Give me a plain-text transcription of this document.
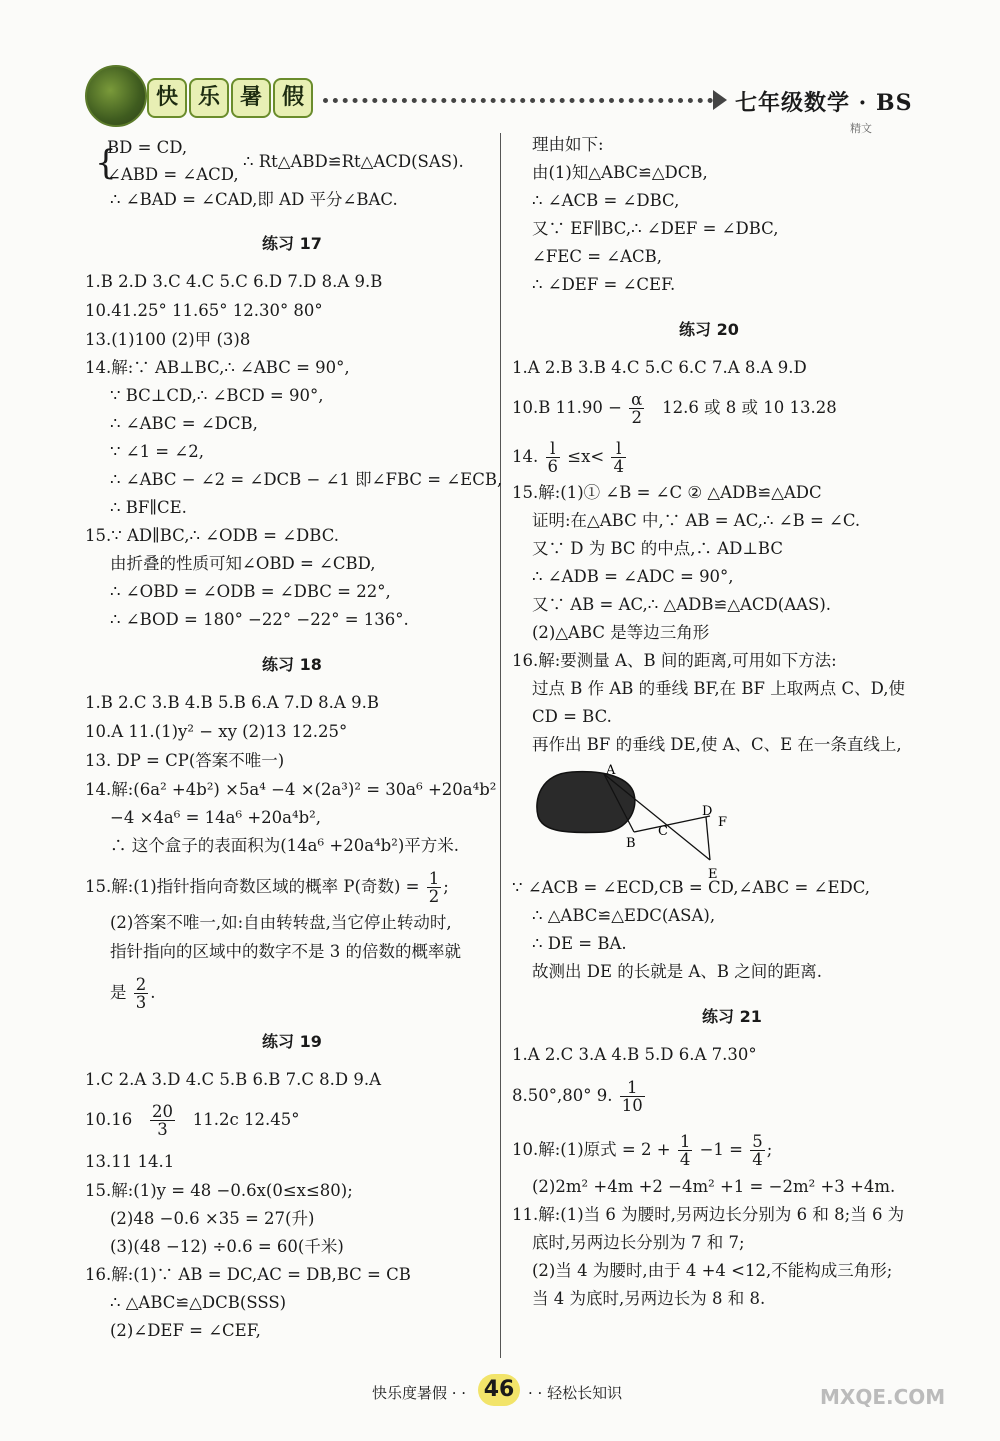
快 乐 暑 假	七年级数学 · BS
精文
BD = CD,
{
∠ABD = ∠ACD,
∴ Rt△ABD≌Rt△ACD(SAS).
∴ ∠BAD = ∠CAD,即 AD 平分∠BAC.
练习 17
1.B 2.D 3.C 4.C 5.C 6.D 7.D 8.A 9.B
10.41.25° 11.65° 12.30° 80°
13.(1)100 (2)甲 (3)8
14.解:∵ AB⊥BC,∴ ∠ABC = 90°,
∵ BC⊥CD,∴ ∠BCD = 90°,
∴ ∠ABC = ∠DCB,
∵ ∠1 = ∠2,
∴ ∠ABC − ∠2 = ∠DCB − ∠1 即∠FBC = ∠ECB,
∴ BF∥CE.
15.∵ AD∥BC,∴ ∠ODB = ∠DBC.
由折叠的性质可知∠OBD = ∠CBD,
∴ ∠OBD = ∠ODB = ∠DBC = 22°,
∴ ∠BOD = 180° −22° −22° = 136°.
练习 18
1.B 2.C 3.B 4.B 5.B 6.A 7.D 8.A 9.B
10.A 11.(1)y² − xy (2)13 12.25°
13. DP = CP(答案不唯一)
14.解:(6a² +4b²) ×5a⁴ −4 ×(2a³)² = 30a⁶ +20a⁴b²
−4 ×4a⁶ = 14a⁶ +20a⁴b²,
∴ 这个盒子的表面积为(14a⁶ +20a⁴b²)平方米.
15.解:(1)指针指向奇数区域的概率 P(奇数) = $\frac{1}{2}$ ;
(2)答案不唯一,如:自由转转盘,当它停止转动时,
指针指向的区域中的数字不是 3 的倍数的概率就
是 $\frac{2}{3}$ .
练习 19
1.C 2.A 3.D 4.C 5.B 6.B 7.C 8.D 9.A
$10.16 \frac{20}{3} 11.2c$ 12.45°
13.11 14.1
15.解:(1)y = 48 −0.6x(0≤x≤80);
(2)48 −0.6 ×35 = 27(升)
(3)(48 −12) ÷0.6 = 60(千米)
16.解:(1)∵ AB = DC,AC = DB,BC = CB
∴ △ABC≌△DCB(SSS)
(2)∠DEF = ∠CEF,
理由如下:
由(1)知△ABC≌△DCB,
∴ ∠ACB = ∠DBC,
又∵ EF∥BC,∴ ∠DEF = ∠DBC,
∠FEC = ∠ACB,
∴ ∠DEF = ∠CEF.
练习 20
1.A 2.B 3.B 4.C 5.C 6.C 7.A 8.A 9.D
10.B $11.90 - \frac{\alpha}{2} 12.6$ 或 8 或 10 13.28
14. $\frac{l}{6} \le x< \frac{l}{4}$
15.解:(1)① ∠B = ∠C ② △ADB≌△ADC
证明:在△ABC 中,∵ AB = AC,∴ ∠B = ∠C.
又∵ D 为 BC 的中点,∴ AD⊥BC
∴ ∠ADB = ∠ADC = 90°,
又∵ AB = AC,∴ △ADB≌△ACD(AAS).
(2)△ABC 是等边三角形
16.解:要测量 A、B 间的距离,可用如下方法:
过点 B 作 AB 的垂线 BF,在 BF 上取两点 C、D,使
CD = BC.
再作出 BF 的垂线 DE,使 A、C、E 在一条直线上,
∵ ∠ACB = ∠ECD,CB = CD,∠ABC = ∠EDC,
∴ △ABC≌△EDC(ASA),
∴ DE = BA.
故测出 DE 的长就是 A、B 之间的距离.
练习 21
1.A 2.C 3.A 4.B 5.D 6.A 7.30°
8.50°,80° 9. $\frac{1}{10}$
10.解:(1)原式 = $2 + \frac{1}{4} -1 = \frac{5}{4}$ ;
(2)2m² +4m +2 −4m² +1 = −2m² +3 +4m.
11.解:(1)当 6 为腰时,另两边长分别为 6 和 8;当 6 为
底时,另两边长分别为 7 和 7;
(2)当 4 为腰时,由于 4 +4 <12,不能构成三角形;
当 4 为底时,另两边长为 8 和 8.
A
B
C
D
E
F
快乐度暑假 · · 46 · · 轻松长知识	MXQE.COM
